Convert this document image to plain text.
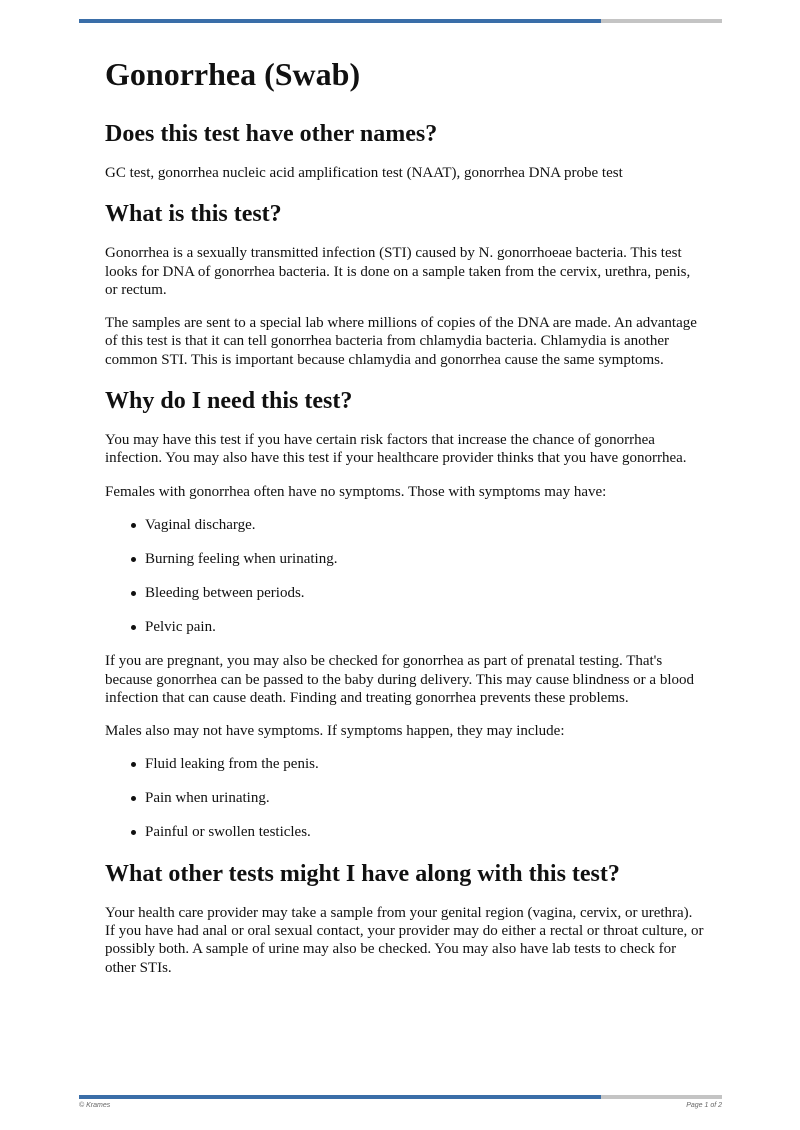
Gonorrhea (Swab)
Does this test have other names?

GC test, gonorrhea nucleic acid amplification test (NAAT), gonorrhea DNA probe test

What is this test?

Gonorrhea is a sexually transmitted infection (STI) caused by N. gonorrhoeae bacteria. This test looks for DNA of gonorrhea bacteria. It is done on a sample taken from the cervix, urethra, penis, or rectum.

The samples are sent to a special lab where millions of copies of the DNA are made. An advantage of this test is that it can tell gonorrhea bacteria from chlamydia bacteria. Chlamydia is another common STI. This is important because chlamydia and gonorrhea cause the same symptoms.

Why do I need this test?

You may have this test if you have certain risk factors that increase the chance of gonorrhea infection. You may also have this test if your healthcare provider thinks that you have gonorrhea.

Females with gonorrhea often have no symptoms. Those with symptoms may have:

Vaginal discharge.
Burning feeling when urinating.
Bleeding between periods.
Pelvic pain.

If you are pregnant, you may also be checked for gonorrhea as part of prenatal testing. That's because gonorrhea can be passed to the baby during delivery. This may cause blindness or a blood infection that can cause death. Finding and treating gonorrhea prevents these problems.

Males also may not have symptoms. If symptoms happen, they may include:

Fluid leaking from the penis.
Pain when urinating.
Painful or swollen testicles.
What other tests might I have along with this test?

Your health care provider may take a sample from your genital region (vagina, cervix, or urethra). If you have had anal or oral sexual contact, your provider may do either a rectal or throat culture, or possibly both. A sample of urine may also be checked. You may also have lab tests to check for other STIs.

© Krames	Page 1 of 2
